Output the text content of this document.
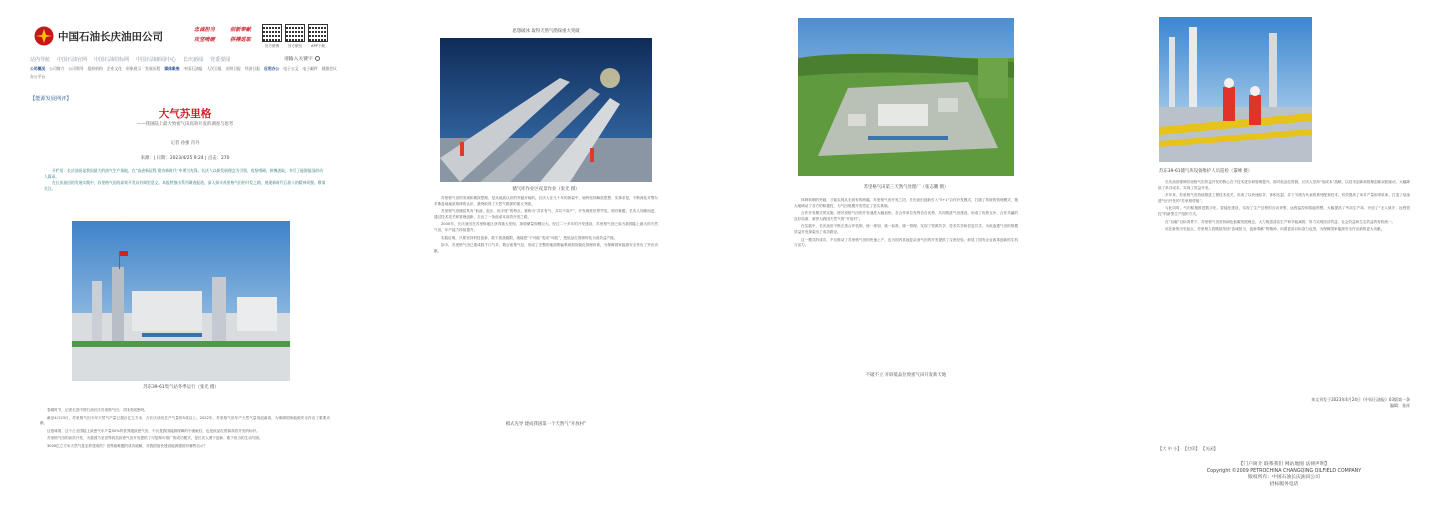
中国石油长庆油田公司
忠诚担当	创新奉献
攻坚啃硬	拼搏进取
官方微博	官方微信	APP下载
站内导航 中国石油官网 中国石油招标网 中国石油新闻中心 长庆新闻 党委要闻	请输入关键字
公司概况 公司简介 公司领导 组织机构 企业文化 形象展示 发展历程 媒体聚焦 中国石油报 人民日报 光明日报 经济日报 应用办公 电子公文 电子邮件 视频会议
办公平台
【能源发展网评】
大气苏里格
——我国陆上最大致密气田高效开发的调查与思考
记者 孙强 肖丹
来源：| 日期：2023/4/25 9:24 | 点击：270

开栏语：长庆油田是我国最大的油气生产基地，在“奋进新征程 建功新时代”中勇当先锋。长庆人以新发展理念为引领，攻坚啃硬、拼搏进取，书写了能源报国的动人篇章。

在长庆油田的发展实践中，苏里格气田的高效开发具有典型意义。本报特推出系列调查报道，深入探寻苏里格气田的开发之路，展现新时代石油人的精神风貌。敬请关注。

苏东39-61集气站冬季运行（张光 摄）

春暖时节，记者走进中国石油长庆苏里格气田，寻找发展密码。

截至4月23日，苏里格气田今年天然气产量已超百亿立方米，占长庆油田总产气量的5成以上。2022年，苏里格气田年产天然气量再创新高，为保障国家能源安全作出了重要贡献。

这意味着，这个占全国陆上致密气年产量50%的世界级致密气田，不仅是我国能源保障的中流砥柱，也是低品位资源高效开发的标杆。

苏里格气田的高效开发，为我国乃至世界同类致密气田开发提供了可复制可推广的成功模式，是长庆人勇于创新、敢于担当的生动写照。

3000亿立方米天然气是怎样建成的？世界级难题的成功破解，对我国加快建设能源强国有哪些启示？

思想破冰 取得天然气勘探重大突破
储气库作业区夜景作业（张光 摄）

苏里格气田的发现和勘探思路，是从地质认识的突破开始的。长庆人在几十年的探索中，始终坚持解放思想、实事求是，不断深化对鄂尔多斯盆地地质规律的认识，最终取得了天然气勘探的重大突破。

苏里格气田储层具有“低渗、低压、低丰度”的特点，被称为“井井有气、井井不高产”，开发难度世界罕见。面对难题，长庆人知难而进，通过技术攻关和管理创新，走出了一条低成本高效开发之路。

2000年，长庆油田在苏里格地区获得重大发现，探明储量规模巨大。经过二十多年的开发建设，苏里格气田已成为我国陆上最大的天然气田，年产能力持续提升。

实践证明，只要坚持科技创新，敢于挑战极限，就能把“不可能”变成“可能”，把低品位资源转化为高效益产能。

如今，苏里格气田已建成数千口气井、数百座集气站，形成了完整的地面集输系统和智能化管理体系，为保障国家能源安全作出了突出贡献。

模式先导 建成我国第一个天然气“开放村”
苏里格气田第三天然气处理厂（张志鹏 摄）

体制机制的突破，才能实现从无到有的跨越。苏里格气田开发之初，长庆油田创新引入“5+1”合作开发模式，打破了传统的管理模式，极大地调动了各方的积极性，为气田规模开发奠定了坚实基础。

合作开发模式的实施，使苏里格气田的开发速度大幅加快。各合作单位发挥各自优势，共同推进气田建设，形成了优势互补、合作共赢的良好局面，被誉为我国天然气的“开放村”。

在实践中，长庆油田不断完善合作机制，统一规划、统一标准、统一管理，实现了资源共享、技术共享和信息共享，为低渗透气田的规模效益开发探索出了成功路径。

这一模式的成功，不仅推动了苏里格气田的快速上产，也为国内其他复杂油气田的开发提供了宝贵经验，彰显了国有企业改革创新的生机与活力。

不破不立 开辟低品位致密气田开发新天地
苏东39-61储气库设备维护人员巡检（董峰 摄）

长庆油田强调苏里格气田效益开发的核心在于技术进步和管理提升。面对低品位资源，长庆人坚持“低成本”战略，以技术创新和管理创新双轮驱动，大幅降低了单井成本，实现了效益开发。

多年来，苏里格气田持续推进工程技术攻关，形成了以快速钻井、体积压裂、井下节流为代表的系列配套技术，有效提高了单井产量和采收率，打造了低渗透气田开发的“苏里格样板”。

与此同时，气田积极推进数字化、智能化建设，实现了生产过程的自动采集、远程监控和智能预警，大幅提高了劳动生产率，开创了“无人值守、远程管控”的新型生产组织方式。

在“双碳”目标背景下，苏里格气田坚持绿色低碳发展理念，大力推进清洁生产和节能减排，努力实现经济效益、社会效益和生态效益的有机统一。

站在新的历史起点，苏里格人将继续发扬“忠诚担当、创新奉献”的精神，向着更高目标奋力迈进，为保障国家能源安全作出新的更大贡献。

来文刊发于2023年4月24日《中国石油报》03版第一条
编辑：张祥
【大 中 小】 【打印】 【关闭】
【门户简介 联系我们 网站地图 法律声明】
Copyright ©2009 PETROCHINA CHANGQING OILFIELD COMPANY
版权所有：中国石油长庆油田公司
招标服务电话
